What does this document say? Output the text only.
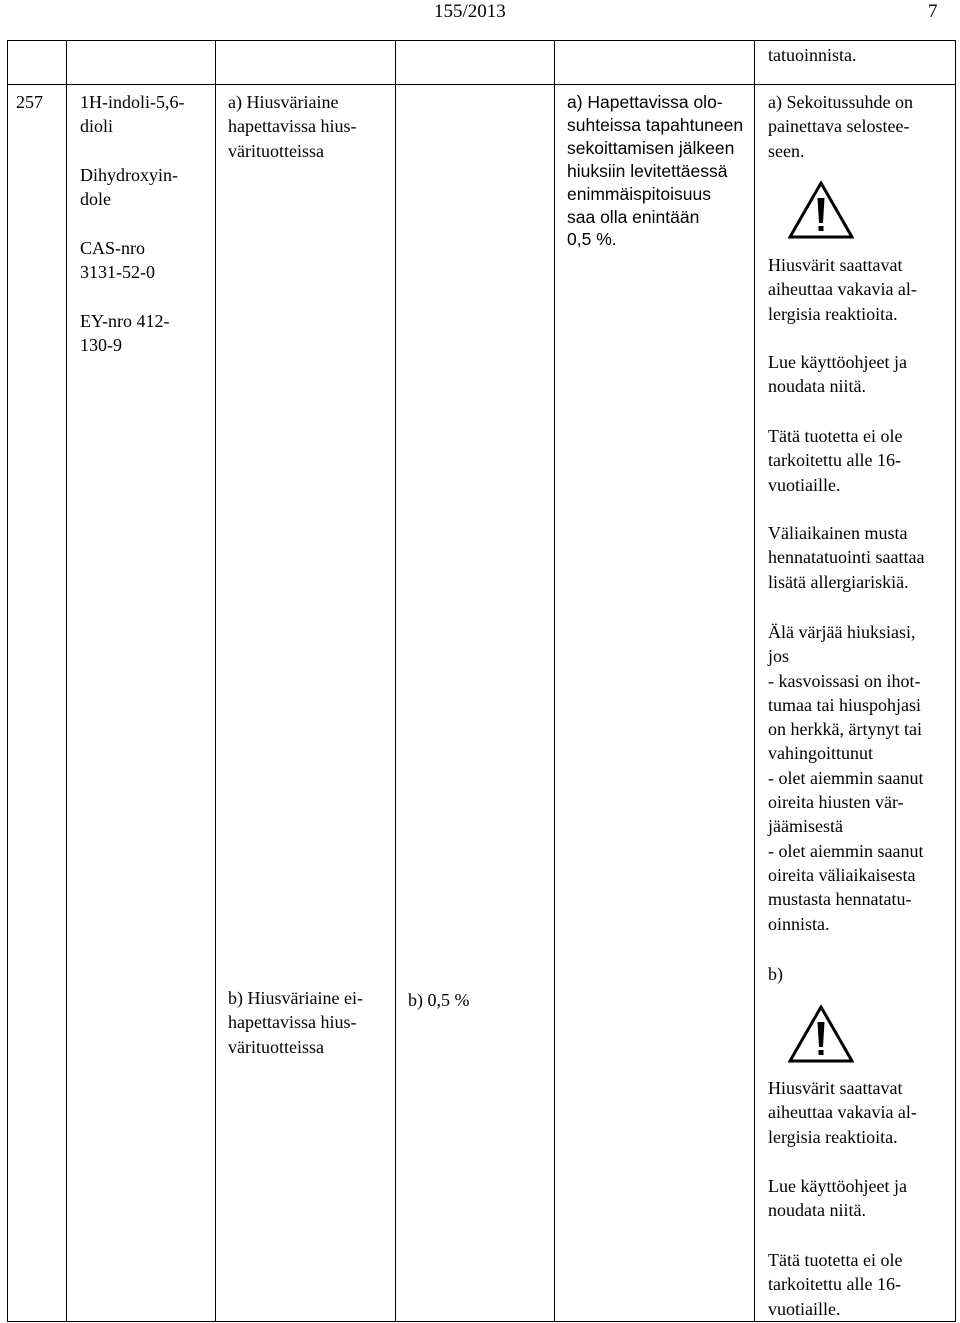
155/2013	7

257 1H-indoli-5,6-
dioli

Dihydroxyin-
dole

CAS-nro
3131-52-0

EY-nro 412-
130-9

a) Hiusväriaine
hapettavissa hius-
värituotteissa

b) Hiusväriaine ei-
hapettavissa hius-
värituotteissa

b) 0,5 %

a) Hapettavissa olo-
suhteissa tapahtuneen
sekoittamisen jälkeen
hiuksiin levitettäessä
enimmäispitoisuus
saa olla enintään
0,5 %.

tatuoinnista.

a) Sekoitussuhde on
painettava selostee-
seen.

Hiusvärit saattavat
aiheuttaa vakavia al-
lergisia reaktioita.

Lue käyttöohjeet ja
noudata niitä.

Tätä tuotetta ei ole
tarkoitettu alle 16-
vuotiaille.

Väliaikainen musta
hennatatuointi saattaa
lisätä allergiariskiä.

Älä värjää hiuksiasi,
jos
- kasvoissasi on ihot-
tumaa tai hiuspohjasi
on herkkä, ärtynyt tai
vahingoittunut
- olet aiemmin saanut
oireita hiusten vär-
jäämisestä
- olet aiemmin saanut
oireita väliaikaisesta
mustasta hennatatu-
oinnista.

b)

Hiusvärit saattavat
aiheuttaa vakavia al-
lergisia reaktioita.

Lue käyttöohjeet ja
noudata niitä.

Tätä tuotetta ei ole
tarkoitettu alle 16-
vuotiaille.
